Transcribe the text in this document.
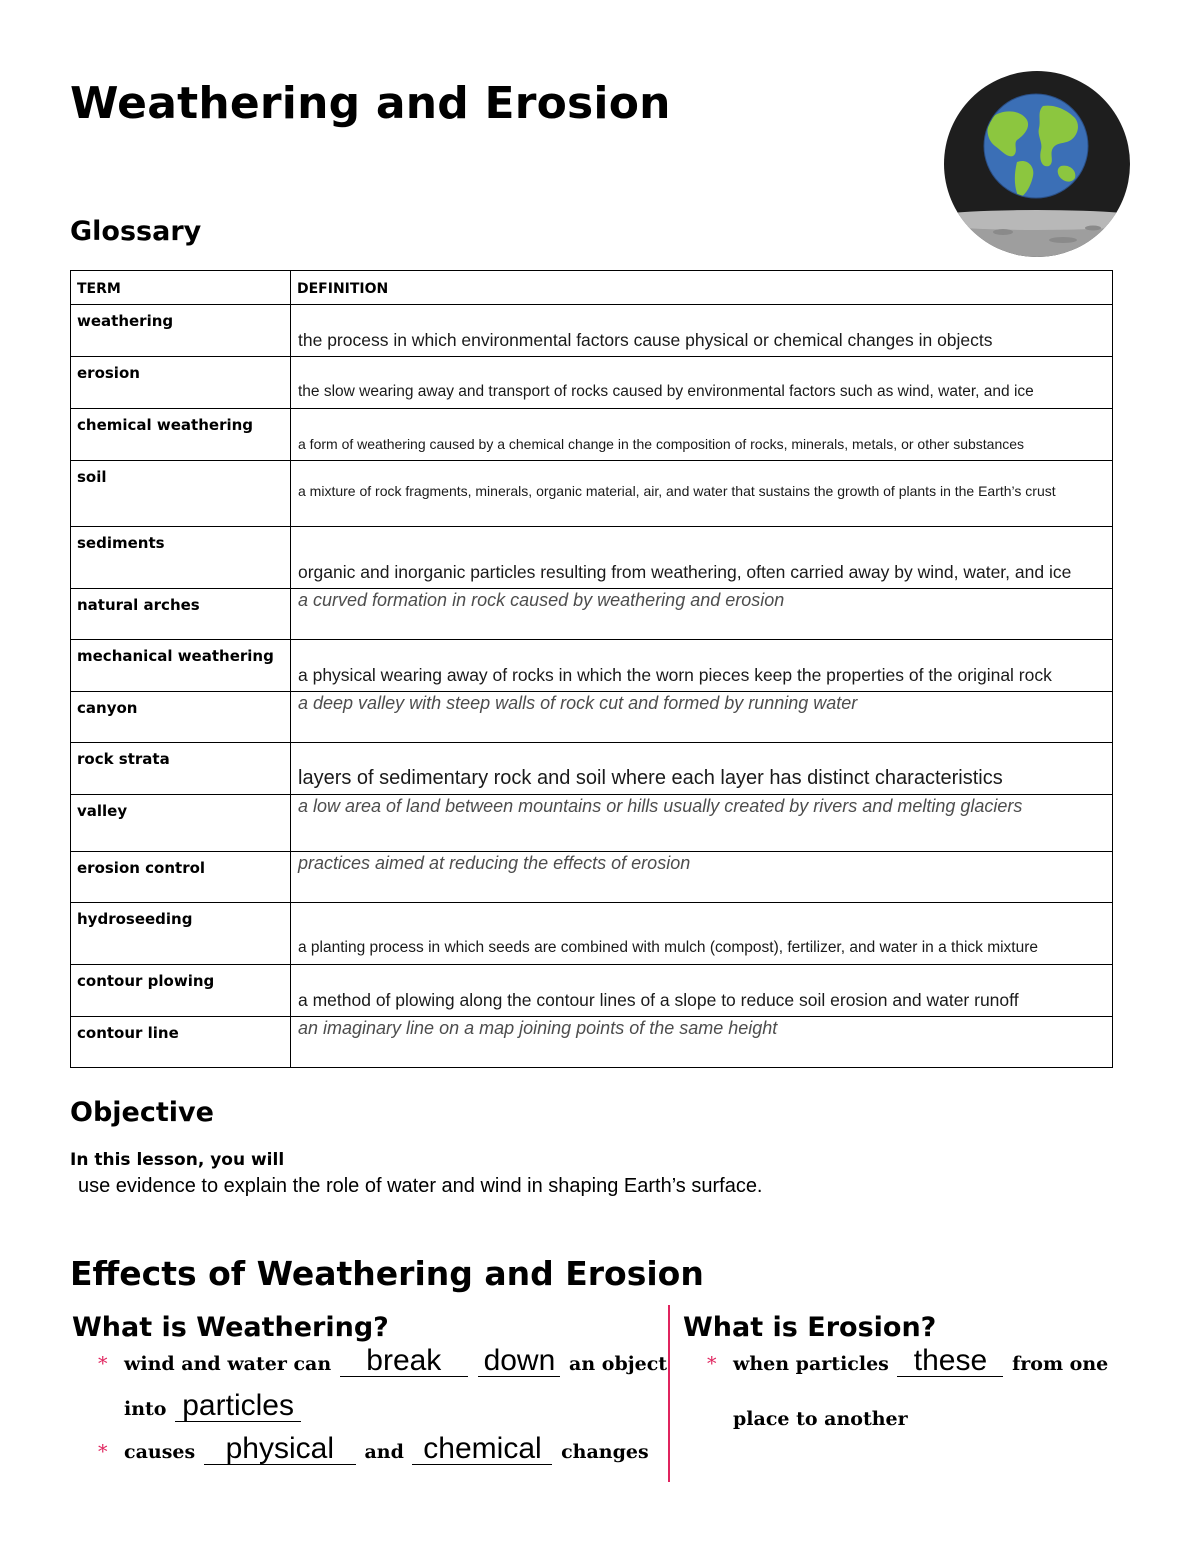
Weathering and Erosion
Glossary
TERM	DEFINITION
weathering	the process in which environmental factors cause physical or chemical changes in objects
erosion	the slow wearing away and transport of rocks caused by environmental factors such as wind, water, and ice
chemical weathering	a form of weathering caused by a chemical change in the composition of rocks, minerals, metals, or other substances
soil	a mixture of rock fragments, minerals, organic material, air, and water that sustains the growth of plants in the Earth’s crust
sediments	organic and inorganic particles resulting from weathering, often carried away by wind, water, and ice
natural arches	a curved formation in rock caused by weathering and erosion
mechanical weathering	a physical wearing away of rocks in which the worn pieces keep the properties of the original rock
canyon	a deep valley with steep walls of rock cut and formed by running water
rock strata	layers of sedimentary rock and soil where each layer has distinct characteristics
valley	a low area of land between mountains or hills usually created by rivers and melting glaciers
erosion control	practices aimed at reducing the effects of erosion
hydroseeding	a planting process in which seeds are combined with mulch (compost), fertilizer, and water in a thick mixture
contour plowing	a method of plowing along the contour lines of a slope to reduce soil erosion and water runoff
contour line	an imaginary line on a map joining points of the same height
Objective
In this lesson, you will
use evidence to explain the role of water and wind in shaping Earth’s surface.
Effects of Weathering and Erosion
What is Weathering?
* wind and water can break down an object
into particles
* causes physical and chemical changes
What is Erosion?
* when particles these from one
place to another
